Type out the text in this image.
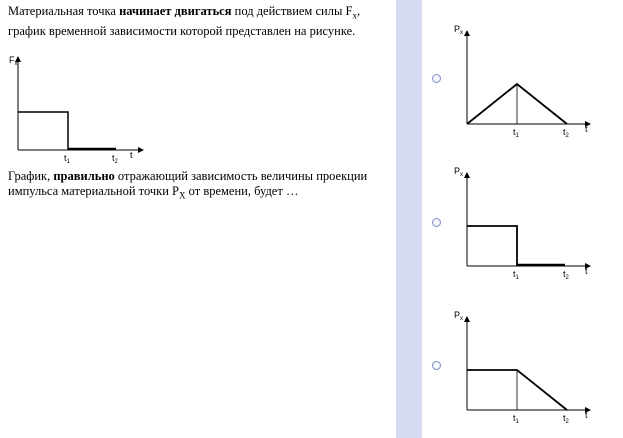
Материальная точка начинает двигаться под действием силы $F_x$, график временной зависимости которой представлен на рисунке.

$F_x$
$t_1$	$t_2$
t

График, правильно отражающий зависимость величины проекции импульса материальной точки $P_X$ от времени, будет …

$P_x$
$t_1$	$t_2$
t
$P_x$
$t_1$	$t_2$
t
$P_x$
$t_1$	$t_2$
t
